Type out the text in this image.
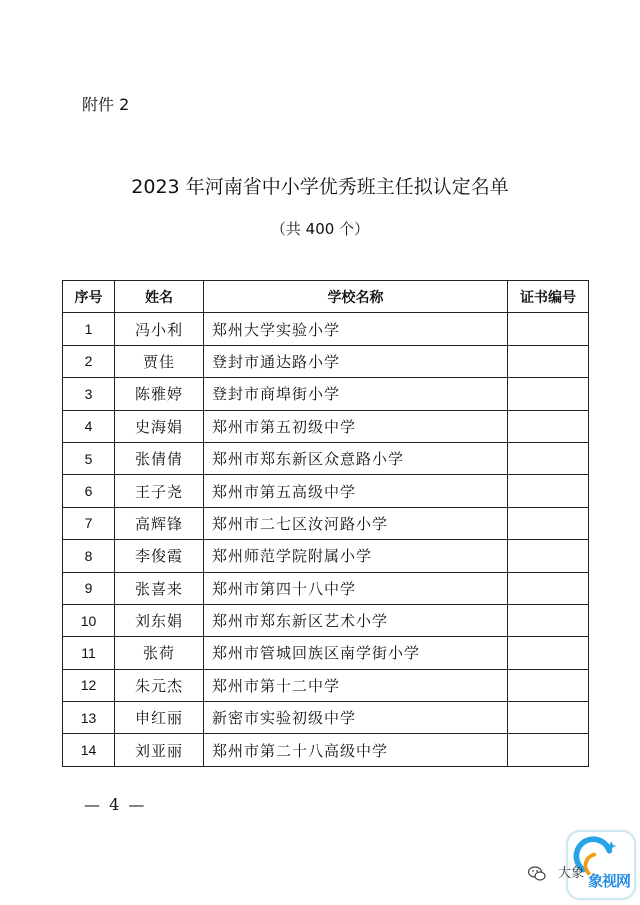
附件 2
2023 年河南省中小学优秀班主任拟认定名单
（共 400 个）
序号	姓名	学校名称	证书编号
1	冯小利	郑州大学实验小学	
2	贾佳	登封市通达路小学	
3	陈雅婷	登封市商埠街小学	
4	史海娟	郑州市第五初级中学	
5	张倩倩	郑州市郑东新区众意路小学	
6	王子尧	郑州市第五高级中学	
7	高辉锋	郑州市二七区汝河路小学	
8	李俊霞	郑州师范学院附属小学	
9	张喜来	郑州市第四十八中学	
10	刘东娟	郑州市郑东新区艺术小学	
11	张荷	郑州市管城回族区南学街小学	
12	朱元杰	郑州市第十二中学	
13	申红丽	新密市实验初级中学	
14	刘亚丽	郑州市第二十八高级中学	
— 4 —
大象 象视网
